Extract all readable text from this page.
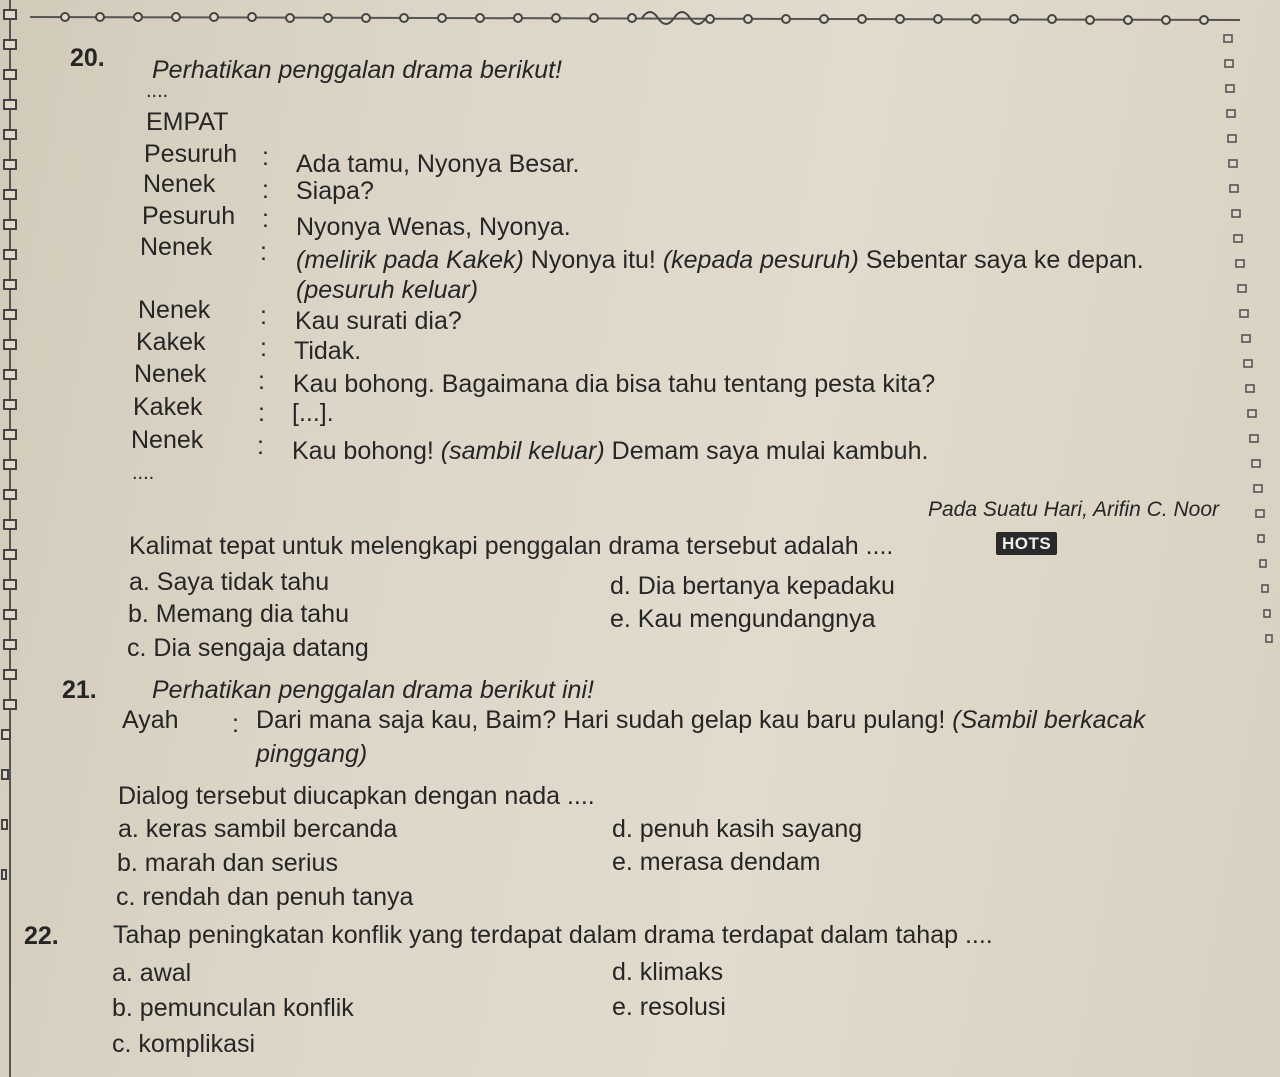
20. Perhatikan penggalan drama berikut!
....
EMPAT
Pesuruh : Ada tamu, Nyonya Besar.
Nenek : Siapa?
Pesuruh : Nyonya Wenas, Nyonya.
Nenek : (melirik pada Kakek) Nyonya itu! (kepada pesuruh) Sebentar saya ke depan.
(pesuruh keluar)
Nenek : Kau surati dia?
Kakek : Tidak.
Nenek : Kau bohong. Bagaimana dia bisa tahu tentang pesta kita?
Kakek : [...].
Nenek : Kau bohong! (sambil keluar) Demam saya mulai kambuh.
....
Pada Suatu Hari, Arifin C. Noor
Kalimat tepat untuk melengkapi penggalan drama tersebut adalah ....	HOTS
a. Saya tidak tahu
b. Memang dia tahu
c. Dia sengaja datang
d. Dia bertanya kepadaku
e. Kau mengundangnya
21. Perhatikan penggalan drama berikut ini!
Ayah : Dari mana saja kau, Baim? Hari sudah gelap kau baru pulang! (Sambil berkacak
pinggang)
Dialog tersebut diucapkan dengan nada ....
a. keras sambil bercanda
b. marah dan serius
c. rendah dan penuh tanya
d. penuh kasih sayang
e. merasa dendam
22. Tahap peningkatan konflik yang terdapat dalam drama terdapat dalam tahap ....
a. awal
b. pemunculan konflik
c. komplikasi
d. klimaks
e. resolusi
